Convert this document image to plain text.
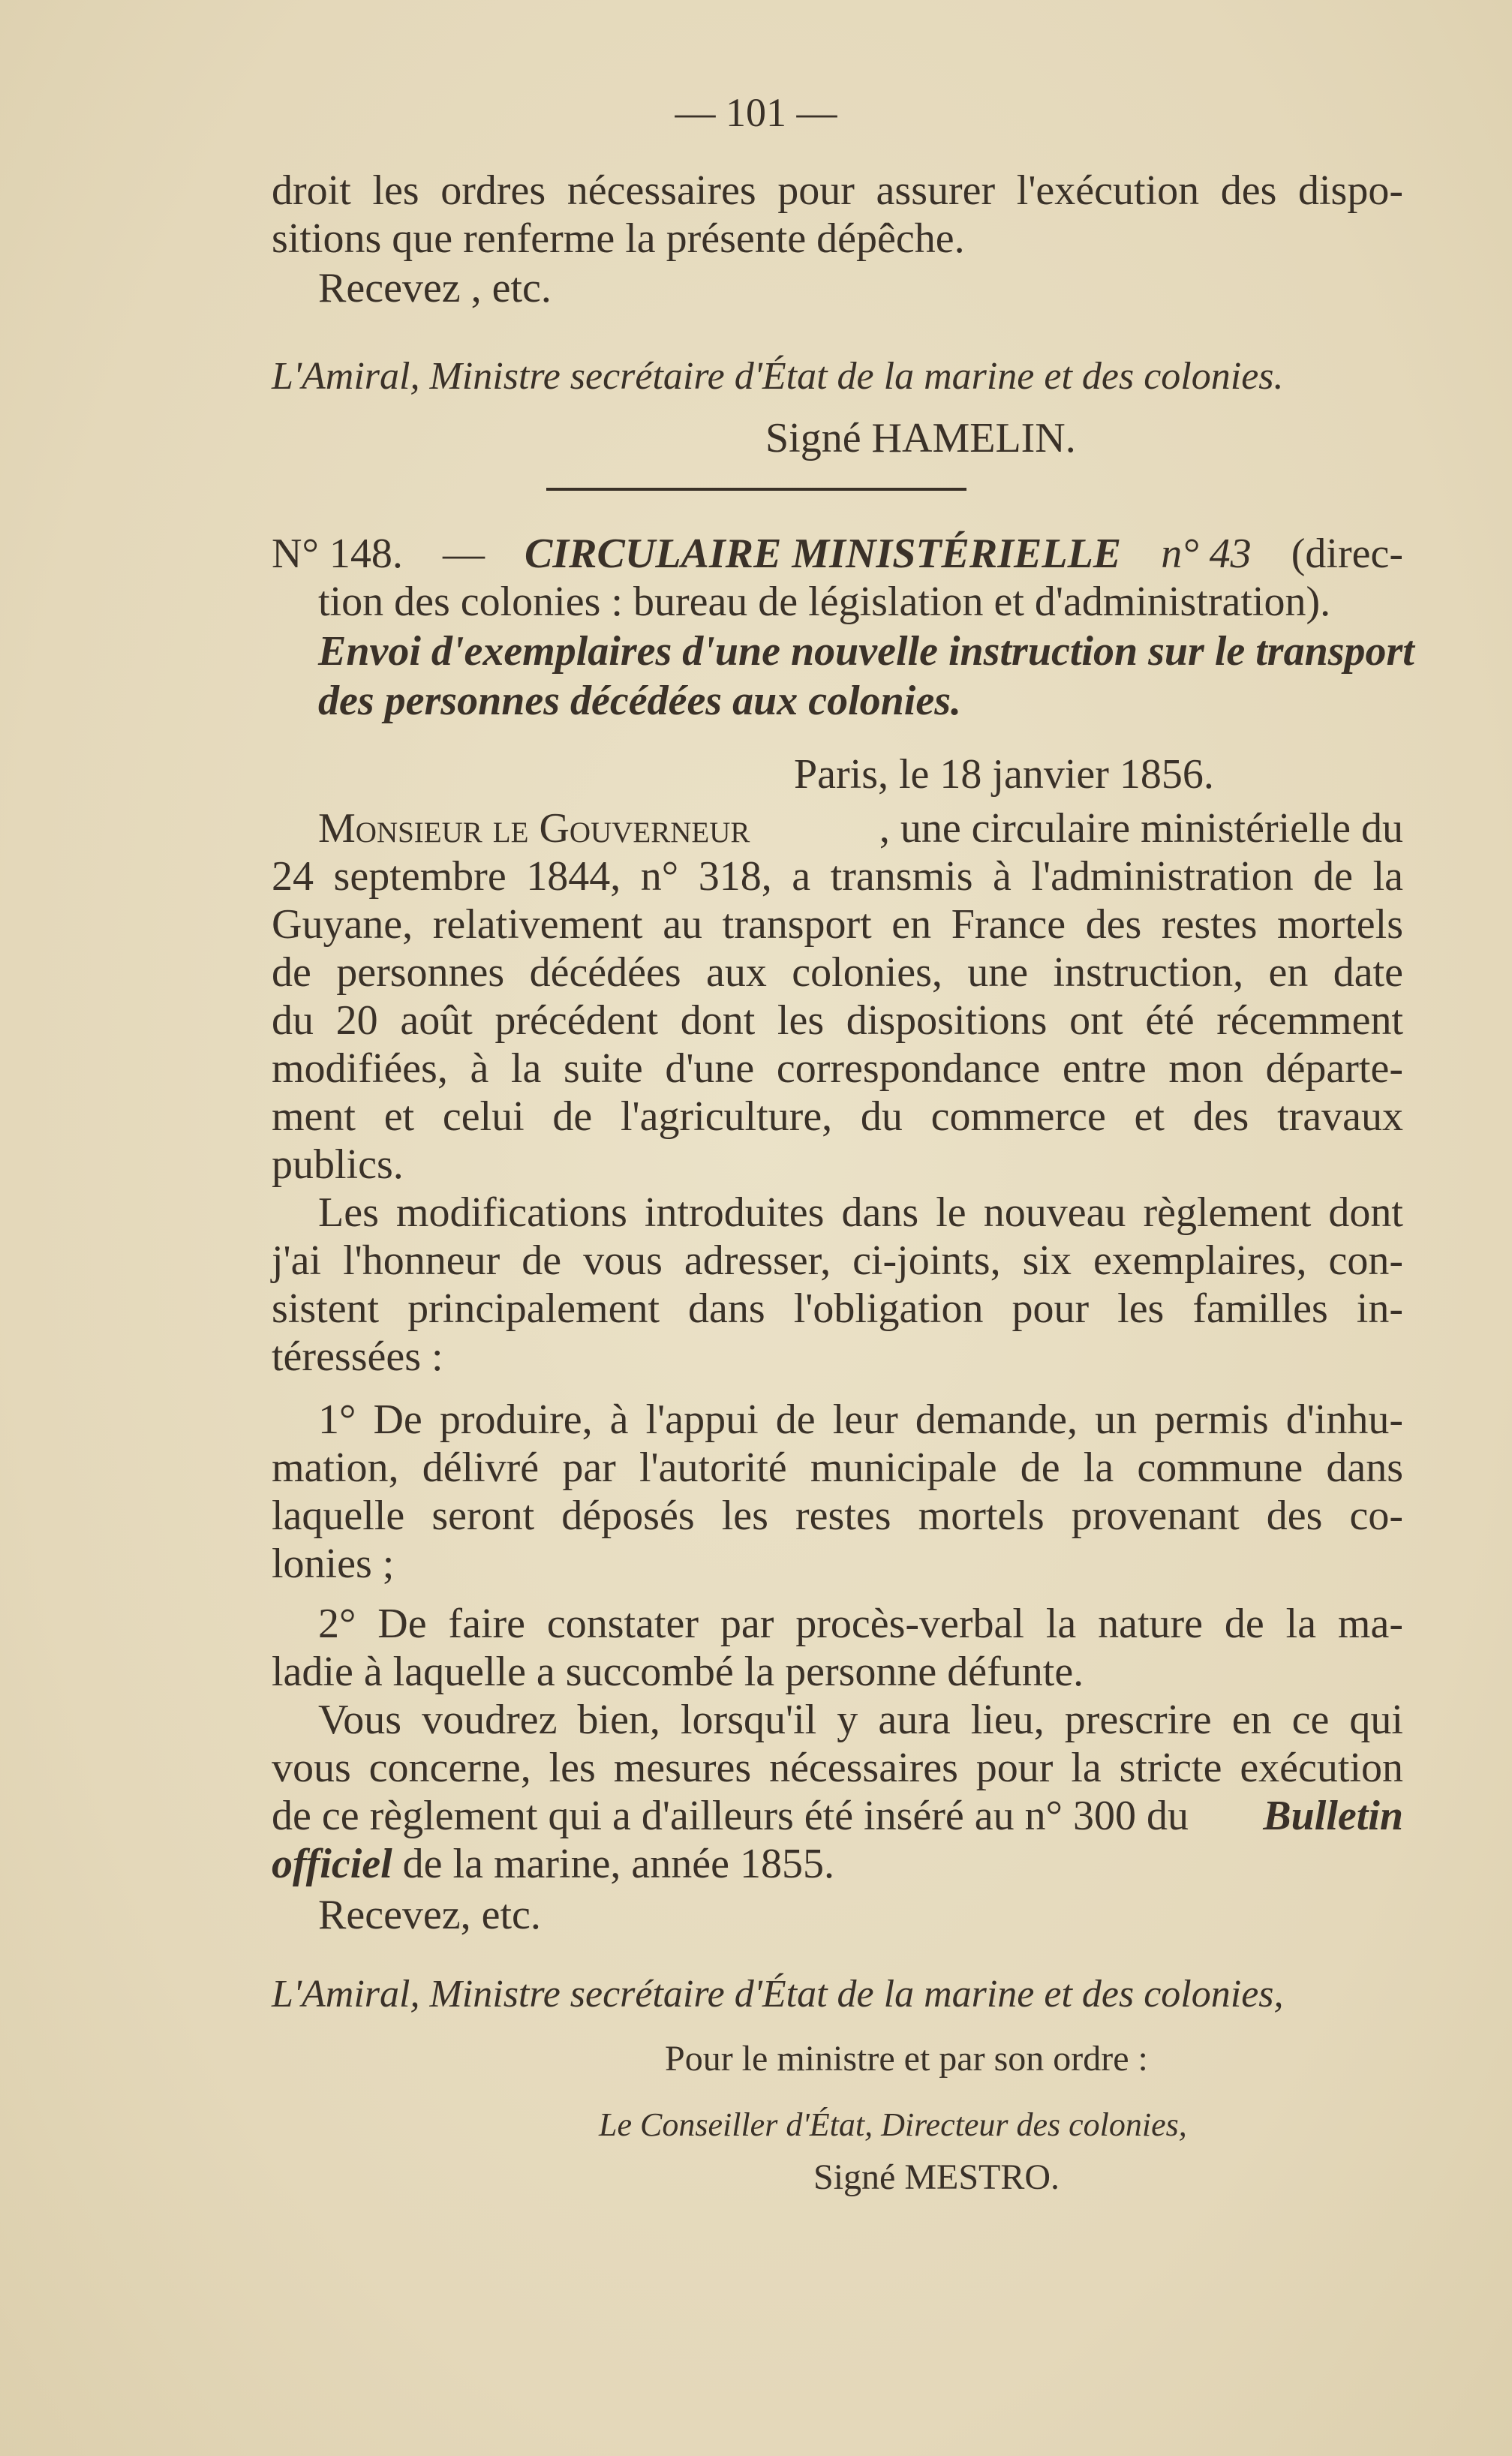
— 101 —
droit les ordres nécessaires pour assurer l'exécution des dispo-
sitions que renferme la présente dépêche.
Recevez , etc.
L'Amiral, Ministre secrétaire d'État de la marine et des colonies.
Signé HAMELIN.
N° 148. — CIRCULAIRE MINISTÉRIELLE n° 43 (direc-
tion des colonies : bureau de législation et d'administration).
Envoi d'exemplaires d'une nouvelle instruction sur le transport
des personnes décédées aux colonies.
Paris, le 18 janvier 1856.
Monsieur le Gouverneur	, une circulaire ministérielle du
24 septembre 1844, n° 318, a transmis à l'administration de la
Guyane, relativement au transport en France des restes mortels
de personnes décédées aux colonies, une instruction, en date
du 20 août précédent dont les dispositions ont été récemment
modifiées, à la suite d'une correspondance entre mon départe-
ment et celui de l'agriculture, du commerce et des travaux
publics.
Les modifications introduites dans le nouveau règlement dont
j'ai l'honneur de vous adresser, ci-joints, six exemplaires, con-
sistent principalement dans l'obligation pour les familles in-
téressées :
1° De produire, à l'appui de leur demande, un permis d'inhu-
mation, délivré par l'autorité municipale de la commune dans
laquelle seront déposés les restes mortels provenant des co-
lonies ;
2° De faire constater par procès-verbal la nature de la ma-
ladie à laquelle a succombé la personne défunte.
Vous voudrez bien, lorsqu'il y aura lieu, prescrire en ce qui
vous concerne, les mesures nécessaires pour la stricte exécution
de ce règlement qui a d'ailleurs été inséré au n° 300 du Bulletin
officiel de la marine, année 1855.
Recevez, etc.
L'Amiral, Ministre secrétaire d'État de la marine et des colonies,
Pour le ministre et par son ordre :
Le Conseiller d'État, Directeur des colonies,
Signé MESTRO.
